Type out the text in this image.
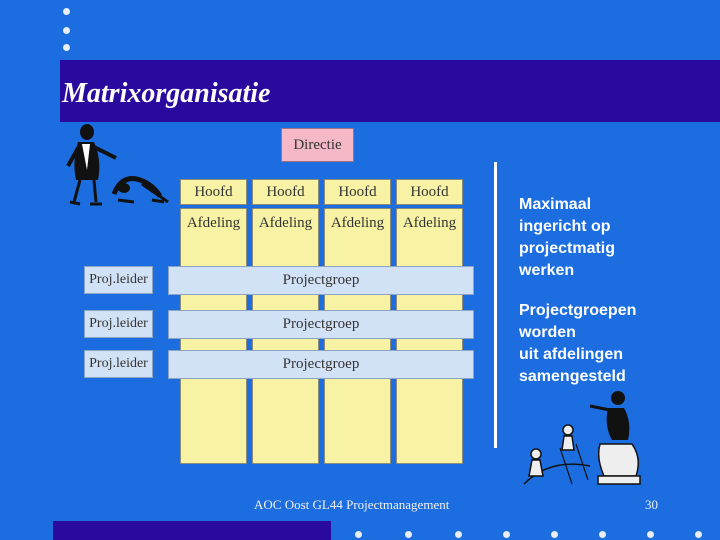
Matrixorganisatie
Directie
Hoofd	Hoofd	Hoofd	Hoofd
Afdeling	Afdeling	Afdeling	Afdeling
Proj.leider	Projectgroep
Proj.leider	Projectgroep
Proj.leider	Projectgroep
Maximaal
ingericht op
projectmatig
werken
Projectgroepen
worden
uit afdelingen
samengesteld
AOC Oost GL44 Projectmanagement	30
